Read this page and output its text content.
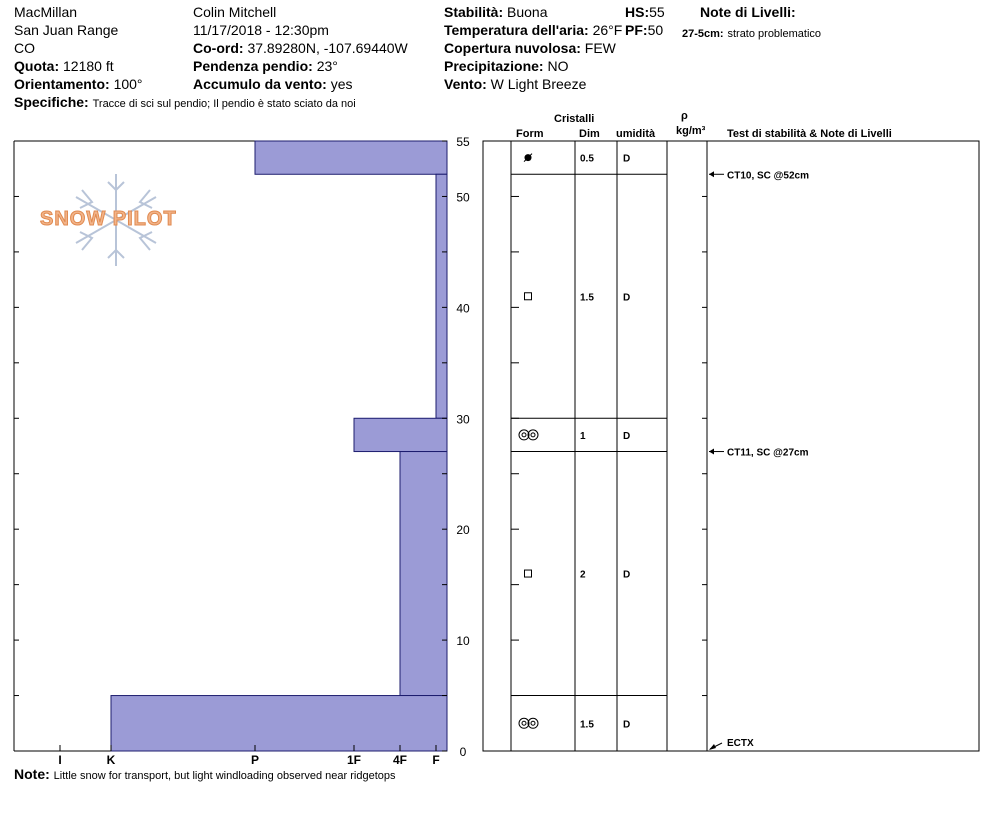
MacMillan
San Juan Range
CO
Quota: 12180 ft
Orientamento: 100°
Specifiche: Tracce di sci sul pendio; Il pendio è stato sciato da noi
Colin Mitchell
11/17/2018 - 12:30pm
Co-ord: 37.89280N, -107.69440W
Pendenza pendio: 23°
Accumulo da vento: yes
Stabilità: Buona
Temperatura dell'aria: 26°F
Copertura nuvolosa: FEW
Precipitazione: NO
Vento: W Light Breeze
HS:55
PF:50
Note di Livelli:
27-5cm: strato problematico
Cristalli
Form	Dim umidità
ρ
kg/m³ Test di stabilità & Note di Livelli
SNOW PILOT
0
10
20
30
40
50
55
I	K	P	1F	4F F
0.5	D
1.5	D
1	D
2	D
1.5	D
CT10, SC @52cm
CT11, SC @27cm
ECTX
Note: Little snow for transport, but light windloading observed near ridgetops
